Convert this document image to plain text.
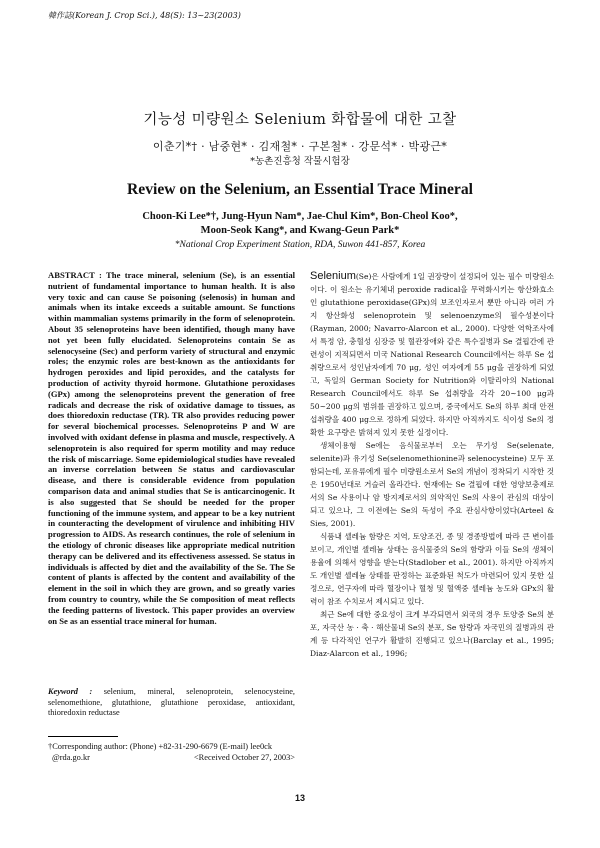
韓作誌(Korean J. Crop Sci.), 48(S): 13~23(2003)
기능성 미량원소 Selenium 화합물에 대한 고찰
이춘기*† · 남중현* · 김재철* · 구본철* · 강문석* · 박광근*
*농촌진흥청 작물시험장
Review on the Selenium, an Essential Trace Mineral
Choon-Ki Lee*†, Jung-Hyun Nam*, Jae-Chul Kim*, Bon-Cheol Koo*,
Moon-Seok Kang*, and Kwang-Geun Park*
*National Crop Experiment Station, RDA, Suwon 441-857, Korea

ABSTRACT : The trace mineral, selenium (Se), is an essential nutrient of fundamental importance to human health. It is also very toxic and can cause Se poisoning (selenosis) in human and animals when its intake exceeds a suitable amount. Se functions within mammalian systems primarily in the form of selenoprotein. About 35 selenoproteins have been identified, though many have not yet been fully elucidated. Selenoproteins contain Se as selenocyseine (Sec) and perform variety of structural and enzymic roles; the enzymic roles are best-known as the antioxidants for hydrogen peroxides and lipid peroxides, and the catalysts for production of activity thyroid hormone. Glutathione peroxidases (GPx) among the selenoproteins prevent the generation of free radicals and decrease the risk of oxidative damage to tissues, as does thioredoxin reductase (TR). TR also provides reducing power for several biochemical processes. Selenoproteins P and W are involved with oxidant defense in plasma and muscle, respectively. A selenoprotein is also required for sperm motility and may reduce the risk of miscarriage. Some epidemiological studies have revealed an inverse correlation between Se status and cardiovascular disease, and there is considerable evidence from population comparison data and animal studies that Se is anticarcinogenic. It is also suggested that Se should be needed for the proper functioning of the immune system, and appear to be a key nutrient in counteracting the development of virulence and inhibiting HIV progression to AIDS. As research continues, the role of selenium in the etiology of chronic diseases like appropriate medical nutrition therapy can be delivered and its effectiveness assessed. Se status in individuals is affected by diet and the availability of the Se. The Se content of plants is affected by the content and availability of the element in the soil in which they are grown, and so greatly varies from country to country, while the Se composition of meat reflects the feeding patterns of livestock. This paper provides an overview on Se as an essential trace mineral for human.

Keyword : selenium, mineral, selenoprotein, selenocysteine, selenomethione, glutathione, glutathione peroxidase, antioxidant, thioredoxin reductase

†Corresponding author: (Phone) +82-31-290-6679 (E-mail) lee0ck
@rda.go.kr	<Received October 27, 2003>

Selenium(Se)은 사람에게 1일 권장량이 설정되어 있는 필수 미량원소이다. 이 원소는 유기체내 peroxide radical을 무력화시키는 항산화효소인 glutathione peroxidase(GPx)의 보조인자로서 뿐만 아니라 여러 가지 항산화성 selenoprotein 및 selenoenzyme의 필수성분이다(Rayman, 2000; Navarro-Alarcon et al., 2000). 다양한 역학조사에서 특정 암, 충혈성 심장증 및 혈관장애와 같은 특수질병과 Se 결핍간에 관련성이 지적되면서 미국 National Research Council에서는 하루 Se 섭취량으로서 성인남자에게 70 μg, 성인 여자에게 55 μg을 권장하게 되었고, 독일의 German Society for Nutrition와 이탈리아의 National Research Council에서도 하루 Se 섭취량을 각각 20~100 μg과 50~200 μg의 범위를 권장하고 있으며, 중국에서도 Se의 하루 최대 안전 섭취량을 400 μg으로 정하게 되었다. 하지만 아직까지도 식이성 Se의 정확한 요구량은 밝혀져 있지 못한 실정이다.

생체이용형 Se에는 음식물로부터 오는 무기성 Se(selenate, selenite)과 유기성 Se(selenomethionine과 selenocysteine) 모두 포함되는데, 포유류에게 필수 미량원소로서 Se의 개념이 정착되기 시작한 것은 1950년대로 거슬러 올라간다. 현재에는 Se 결핍에 대한 영양보충제로서의 Se 사용이나 암 방지제로서의 의약적인 Se의 사용이 관심의 대상이 되고 있으나, 그 이전에는 Se의 독성이 주요 관심사항이었다(Arteel & Sies, 2001).

식품내 셀레늄 함량은 지역, 토양조건, 종 및 경종방법에 따라 큰 변이를 보이고, 개인별 셀레늄 상태는 음식물중의 Se의 함량과 이들 Se의 생체이용율에 의해서 영향을 받는다(Stadlober et al., 2001). 하지만 아직까지도 개인별 셀레늄 상태를 판정하는 표준화된 척도가 마련되어 있지 못한 실정으로, 연구자에 따라 혈장이나 혈청 및 혈액중 셀레늄 농도와 GPx의 활력이 참조 수치로서 제시되고 있다.

최근 Se에 대한 중요성이 크게 부각되면서 외국의 경우 토양중 Se의 분포, 자국산 농 · 축 · 해산물내 Se의 분포, Se 함량과 자국민의 질병과의 관계 등 다각적인 연구가 활발히 진행되고 있으나(Barclay et al., 1995; Diaz-Alarcon et al., 1996;

13
